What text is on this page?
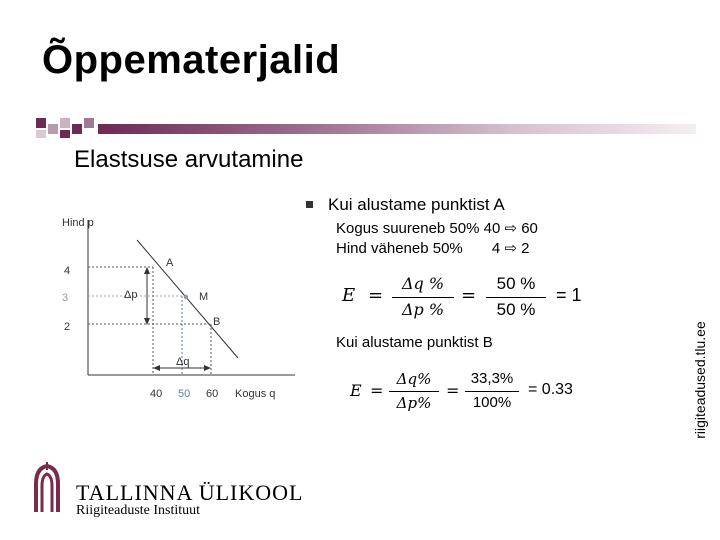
Õppematerjalid
riigiteadused.tlu.ee
Elastsuse arvutamine
Hind p
Kogus q
4
3
2
40 50 60
Δp
Δq
A
M
B
Kui alustame punktist A
Kogus suureneb 50% 40 ⇨ 60
Hind väheneb 50%       4 ⇨ 2
E =
Δq %
Δp %
=
50 %
50 %
= 1
Kui alustame punktist B
E =
Δq%
Δp%
=
33,3%
100%
= 0.33
TALLINNA ÜLIKOOL
Riigiteaduste Instituut
